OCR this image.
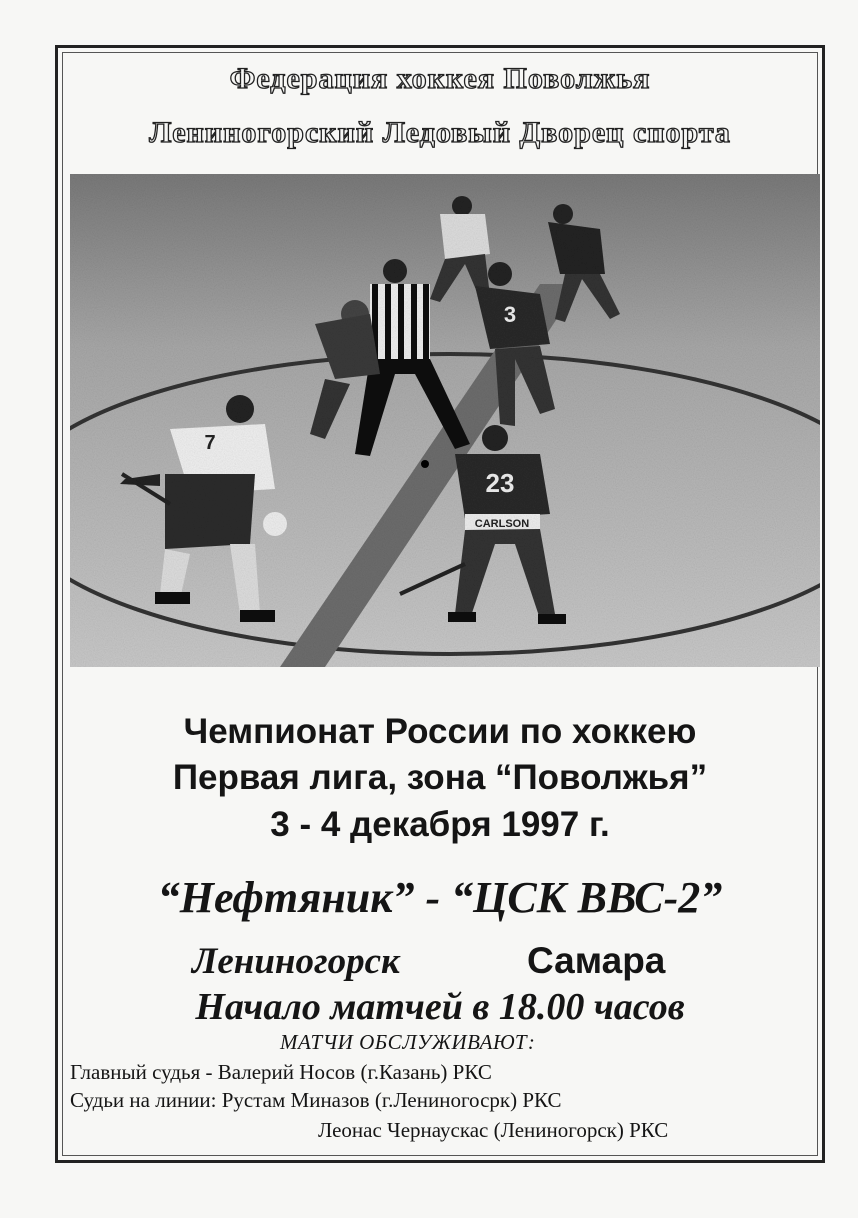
Федерация хоккея Поволжья
Лениногорский Ледовый Дворец спорта
3
7
23
CARLSON
Чемпионат России по хоккею
Первая лига, зона “Поволжья”
3 - 4 декабря 1997 г.
“Нефтяник” - “ЦСК ВВС-2”
Лениногорск	Самара
Начало матчей в 18.00 часов
МАТЧИ ОБСЛУЖИВАЮТ:
Главный судья - Валерий Носов (г.Казань) РКС
Судьи на линии: Рустам Миназов (г.Лениногосрк) РКС
Леонас Чернаускас (Лениногорск) РКС
